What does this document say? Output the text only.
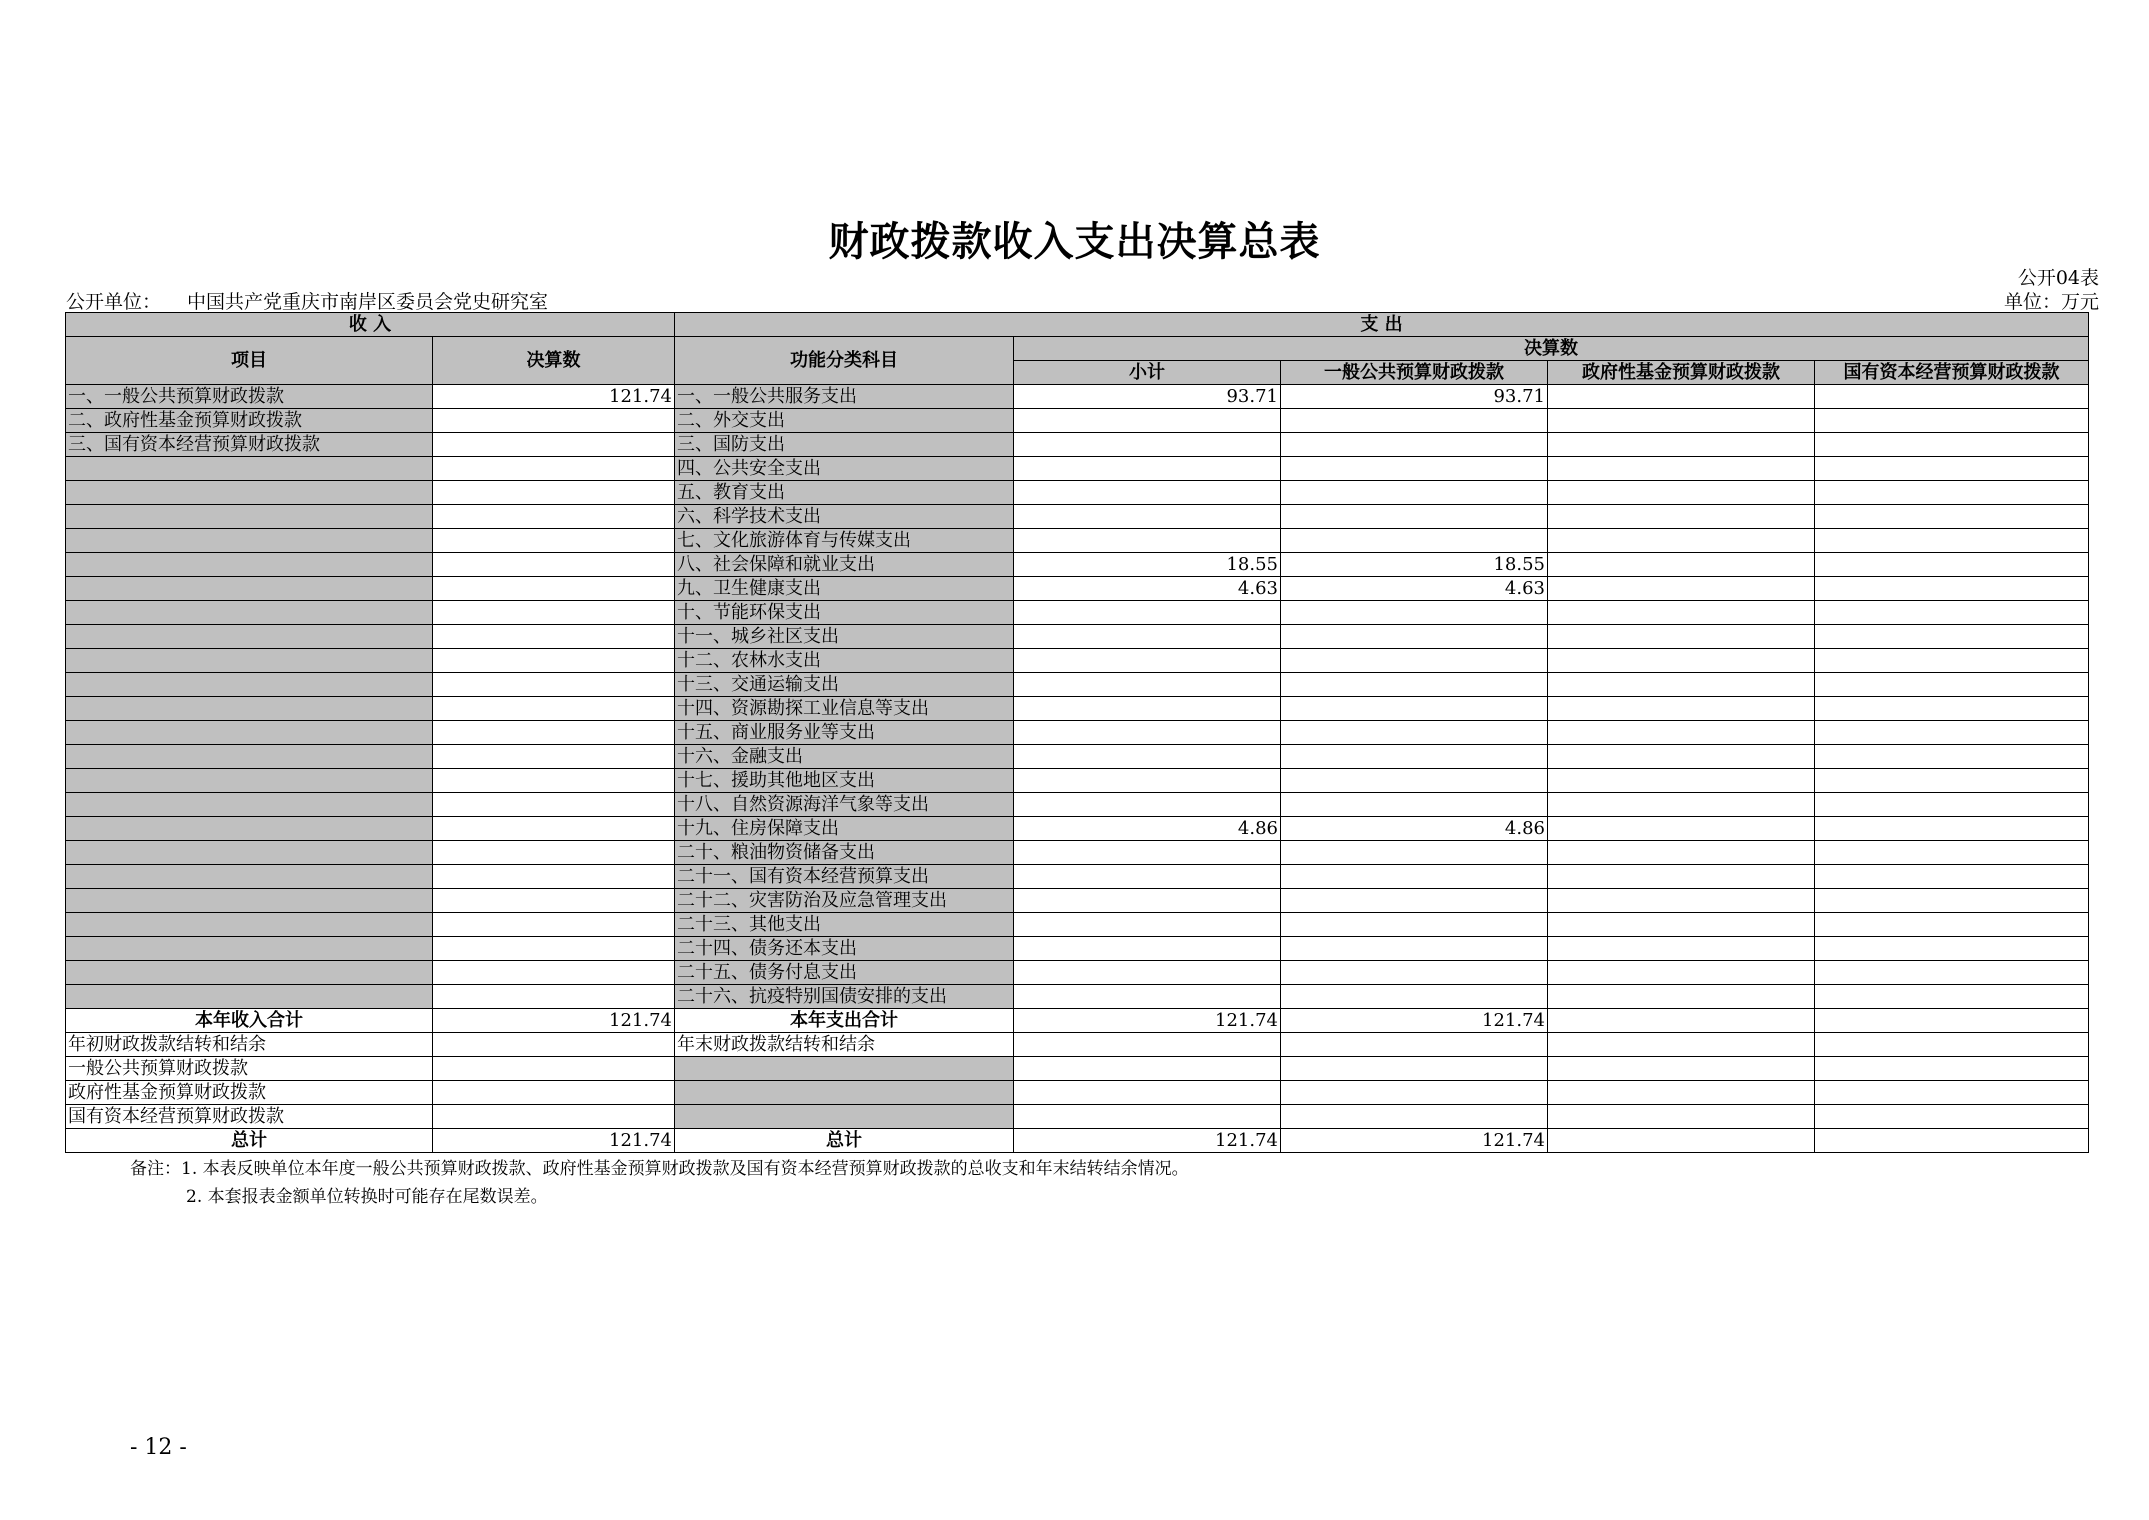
财政拨款收入支出决算总表
公开04表
公开单位： 中国共产党重庆市南岸区委员会党史研究室	单位：万元
收 入		支 出				
项目	决算数	功能分类科目	决算数			
			小计	一般公共预算财政拨款	政府性基金预算财政拨款	国有资本经营预算财政拨款
一、一般公共预算财政拨款	121.74	一、一般公共服务支出	93.71	93.71		
二、政府性基金预算财政拨款		二、外交支出				
三、国有资本经营预算财政拨款		三、国防支出				
		四、公共安全支出				
		五、教育支出				
		六、科学技术支出				
		七、文化旅游体育与传媒支出				
		八、社会保障和就业支出	18.55	18.55		
		九、卫生健康支出	4.63	4.63		
		十、节能环保支出				
		十一、城乡社区支出				
		十二、农林水支出				
		十三、交通运输支出				
		十四、资源勘探工业信息等支出				
		十五、商业服务业等支出				
		十六、金融支出				
		十七、援助其他地区支出				
		十八、自然资源海洋气象等支出				
		十九、住房保障支出	4.86	4.86		
		二十、粮油物资储备支出				
		二十一、国有资本经营预算支出				
		二十二、灾害防治及应急管理支出				
		二十三、其他支出				
		二十四、债务还本支出				
		二十五、债务付息支出				
		二十六、抗疫特别国债安排的支出				
本年收入合计	121.74	本年支出合计	121.74	121.74		
年初财政拨款结转和结余		年末财政拨款结转和结余				
一般公共预算财政拨款						
政府性基金预算财政拨款						
国有资本经营预算财政拨款						
总计	121.74	总计	121.74	121.74		
备注：1. 本表反映单位本年度一般公共预算财政拨款、政府性基金预算财政拨款及国有资本经营预算财政拨款的总收支和年末结转结余情况。
2. 本套报表金额单位转换时可能存在尾数误差。
- 12 -
